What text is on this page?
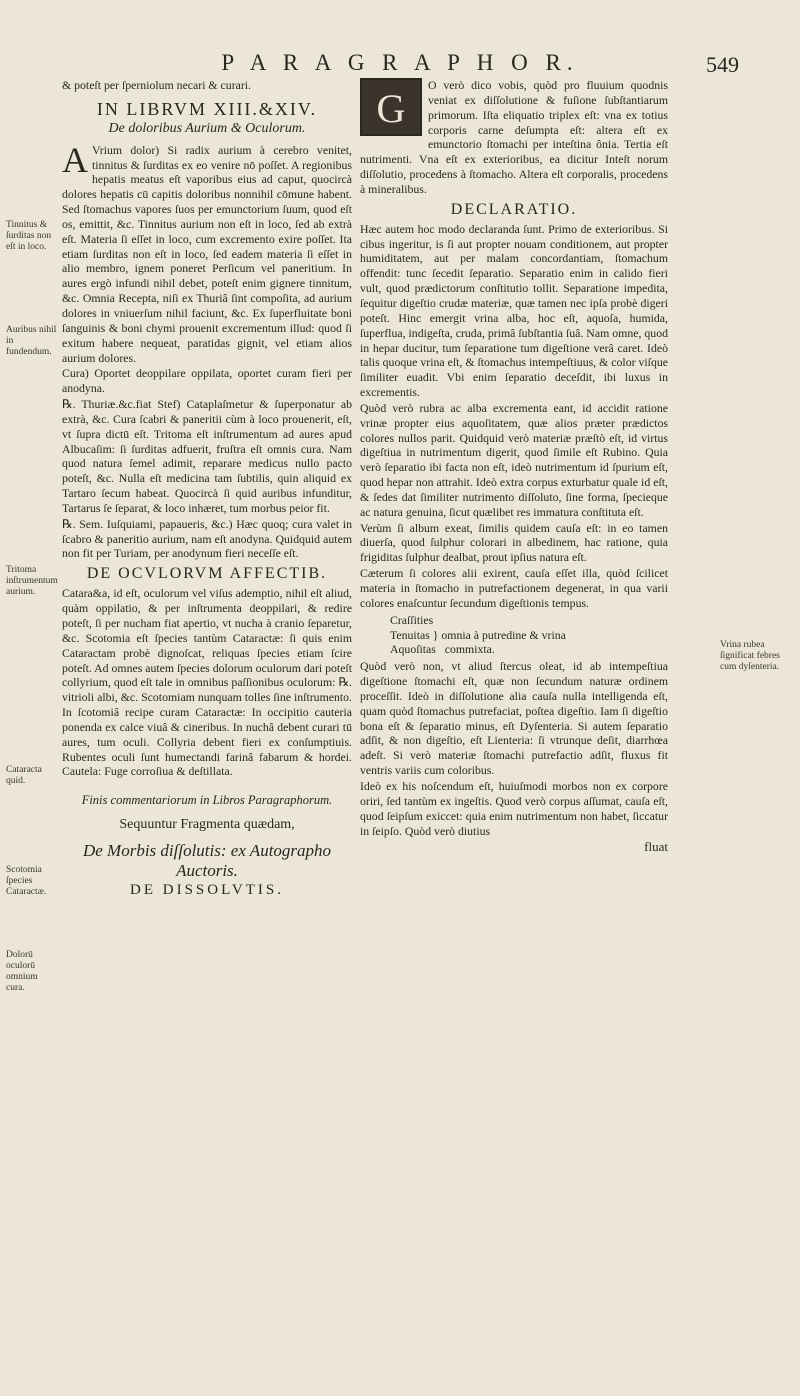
P A R A G R A P H O R.	549
Tinnitus & ſurditas non eſt in loco.
Auribus nihil in fundendum.
Tritoma inſtrumentum aurium.
Cataracta quid.
Scotomia ſpecies Cataractæ.
Dolorū oculorū omnium cura.
Vrina rubea ſignificat febres cum dyſenteria.

& poteſt per ſperniolum necari & curari.

IN LIBRVM XIII.&XIV.
De doloribus Aurium & Oculorum.

A Vrium dolor) Si radix aurium à cerebro venitet, tinnitus & ſurditas ex eo venire nō poſſet. A regionibus hepatis meatus eſt vaporibus eius ad caput, quocircà dolores hepatis cū capitis doloribus nonnihil cōmune habent. Sed ſtomachus vapores ſuos per emunctorium ſuum, quod eſt os, emittit, &c. Tinnitus aurium non eſt in loco, ſed ab extrà eſt. Materia ſi eſſet in loco, cum excremento exire poſſet. Ita etiam ſurditas non eſt in loco, ſed eadem materia ſi eſſet in alio membro, ignem poneret Perſicum vel paneritium. In aures ergò infundi nihil debet, poteſt enim gignere tinnitum, &c. Omnia Recepta, niſi ex Thuriâ ſint compoſita, ad aurium dolores in vniuerſum nihil faciunt, &c. Ex ſuperfluitate boni ſanguinis & boni chymi prouenit excrementum illud: quod ſi exitum habere nequeat, paratidas gignit, vel etiam alios aurium dolores.

Cura) Oportet deoppilare oppilata, oportet curam fieri per anodyna.

℞. Thuriæ.&c.fiat Stef) Cataplaſmetur & ſuperponatur ab extrà, &c. Cura ſcabri & paneritii cùm à loco prouenerit, eſt, vt ſupra dictū eſt. Tritoma eſt inſtrumentum ad aures apud Albucaſim: ſi ſurditas adfuerit, fruſtra eſt omnis cura. Nam quod natura ſemel adimit, reparare medicus nullo pacto poteſt, &c. Nulla eſt medicina tam ſubtilis, quin aliquid ex Tartaro ſecum habeat. Quocircà ſi quid auribus infunditur, Tartarus ſe ſeparat, & loco inhæret, tum morbus peior fit.

℞. Sem. Iuſquiami, papaueris, &c.) Hæc quoq; cura valet in ſcabro & paneritio aurium, nam eſt anodyna. Quidquid autem non fit per Turiam, per anodynum fieri neceſſe eſt.

DE OCVLORVM AFFECTIB.

Catara&a, id eſt, oculorum vel viſus ademptio, nihil eſt aliud, quàm oppilatio, & per inſtrumenta deoppilari, & redire poteſt, ſi per nucham fiat apertio, vt nucha à cranio ſeparetur, &c. Scotomia eſt ſpecies tantùm Cataractæ: ſi quis enim Cataractam probè dignoſcat, reliquas ſpecies etiam ſcire poteſt. Ad omnes autem ſpecies dolorum oculorum dari poteſt collyrium, quod eſt tale in omnibus paſſionibus oculorum: ℞. vitrioli albi, &c. Scotomiam nunquam tolles ſine inſtrumento. In ſcotomiâ recipe curam Cataractæ: In occipitio cauteria ponenda ex calce viuâ & cineribus. In nuchâ debent curari tū aures, tum oculi. Collyria debent fieri ex conſumptiuis. Rubentes oculi ſunt humectandi farinâ fabarum & hordei. Cautela: Fuge corroſiua & deſtillata.

Finis commentariorum in Libros Paragraphorum.
Sequuntur Fragmenta quædam,
De Morbis diſſolutis: ex Autographo Auctoris.
DE DISSOLVTIS.

G
O verò dico vobis, quòd pro fluuium quodnis veniat ex diſſolutione & fuſione ſubſtantiarum primorum. Iſta eliquatio triplex eſt: vna ex totius corporis carne deſumpta eſt: altera eſt ex emunctorio ſtomachi per inteſtina ônia. Tertia eſt nutrimenti. Vna eſt ex exterioribus, ea dicitur Inteſt norum diſſolutio, procedens à ſtomacho. Altera eſt corporalis, procedens à mineralibus.

DECLARATIO.

Hæc autem hoc modo declaranda ſunt. Primo de exterioribus. Si cibus ingeritur, is ſi aut propter nouam conditionem, aut propter humiditatem, aut per malam concordantiam, ſtomachum offendit: tunc ſecedit ſeparatio. Separatio enim in calido fieri vult, quod prædictorum conſtitutio tollit. Separatione impedita, ſequitur digeſtio crudæ materiæ, quæ tamen nec ipſa probè digeri poteſt. Hinc emergit vrina alba, hoc eſt, aquoſa, humida, ſuperflua, indigeſta, cruda, primâ ſubſtantia ſuâ. Nam omne, quod in hepar ducitur, tum ſeparatione tum digeſtione verâ caret. Ideò talis quoque vrina eſt, & ſtomachus intempeſtiuus, & color viſque ſimiliter euadit. Vbi enim ſeparatio deceſdit, ibi luxus in excrementis.

Quòd verò rubra ac alba excrementa eant, id accidit ratione vrinæ propter eius aquoſitatem, quæ alios præter prædictos colores nullos parit. Quidquid verò materiæ præſtò eſt, id virtus digeſtiua in nutrimentum digerit, quod ſimile eſt Rubino. Quia verò ſeparatio ibi facta non eſt, ideò nutrimentum id ſpurium eſt, quod hepar non attrahit. Ideò extra corpus exturbatur quale id eſt, & ſedes dat ſimiliter nutrimento diſſoluto, ſine forma, ſpecieque ac natura genuina, ſicut quælibet res immatura conſtituta eſt.

Verùm ſi album exeat, ſimilis quidem cauſa eſt: in eo tamen diuerſa, quod ſulphur colorari in albedinem, hac ratione, quia frigiditas ſulphur dealbat, prout ipſius natura eſt.

Cæterum ſi colores alii exirent, cauſa eſſet illa, quòd ſcilicet materia in ſtomacho in putrefactionem degenerat, in qua varii colores enaſcuntur ſecundum digeſtionis tempus.

Craſſities
Tenuitas } omnia à putredine & vrina
Aquoſitas commixta.

Quòd verò non, vt aliud ſtercus oleat, id ab intempeſtiua digeſtione ſtomachi eſt, quæ non ſecundum naturæ ordinem proceſſit. Ideò in diſſolutione alia cauſa nulla intelligenda eſt, quam quòd ſtomachus putrefaciat, poſtea digeſtio. Iam ſi digeſtio bona eſt & ſeparatio minus, eſt Dyſenteria. Si autem ſeparatio adſit, & non digeſtio, eſt Lienteria: ſi vtrunque deſit, diarrhœa adeſt. Si verò materiæ ſtomachi putrefactio adſit, fluxus fit ventris variis cum coloribus.

Ideò ex his noſcendum eſt, huiuſmodi morbos non ex corpore oriri, ſed tantùm ex ingeſtis. Quod verò corpus aſſumat, cauſa eſt, quod ſeipſum exiccet: quia enim nutrimentum non habet, ſiccatur in ſeipſo. Quòd verò diutius

fluat
